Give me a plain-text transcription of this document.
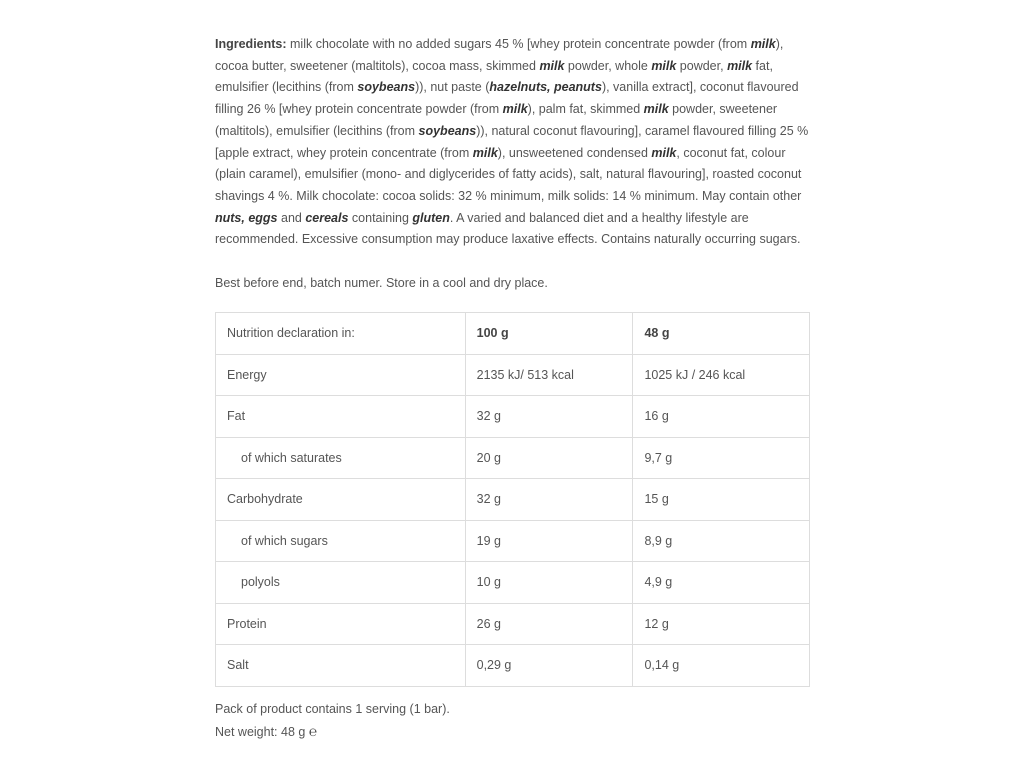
Ingredients: milk chocolate with no added sugars 45 % [whey protein concentrate powder (from milk), cocoa butter, sweetener (maltitols), cocoa mass, skimmed milk powder, whole milk powder, milk fat, emulsifier (lecithins (from soybeans)), nut paste (hazelnuts, peanuts), vanilla extract], coconut flavoured filling 26 % [whey protein concentrate powder (from milk), palm fat, skimmed milk powder, sweetener (maltitols), emulsifier (lecithins (from soybeans)), natural coconut flavouring], caramel flavoured filling 25 % [apple extract, whey protein concentrate (from milk), unsweetened condensed milk, coconut fat, colour (plain caramel), emulsifier (mono- and diglycerides of fatty acids), salt, natural flavouring], roasted coconut shavings 4 %. Milk chocolate: cocoa solids: 32 % minimum, milk solids: 14 % minimum. May contain other nuts, eggs and cereals containing gluten. A varied and balanced diet and a healthy lifestyle are recommended. Excessive consumption may produce laxative effects. Contains naturally occurring sugars.

Best before end, batch numer. Store in a cool and dry place.

Nutrition declaration in:	100 g	48 g
Energy	2135 kJ/ 513 kcal	1025 kJ / 246 kcal
Fat	32 g	16 g
of which saturates	20 g	9,7 g
Carbohydrate	32 g	15 g
of which sugars	19 g	8,9 g
polyols	10 g	4,9 g
Protein	26 g	12 g
Salt	0,29 g	0,14 g

Pack of product contains 1 serving (1 bar).
Net weight: 48 g ℮
